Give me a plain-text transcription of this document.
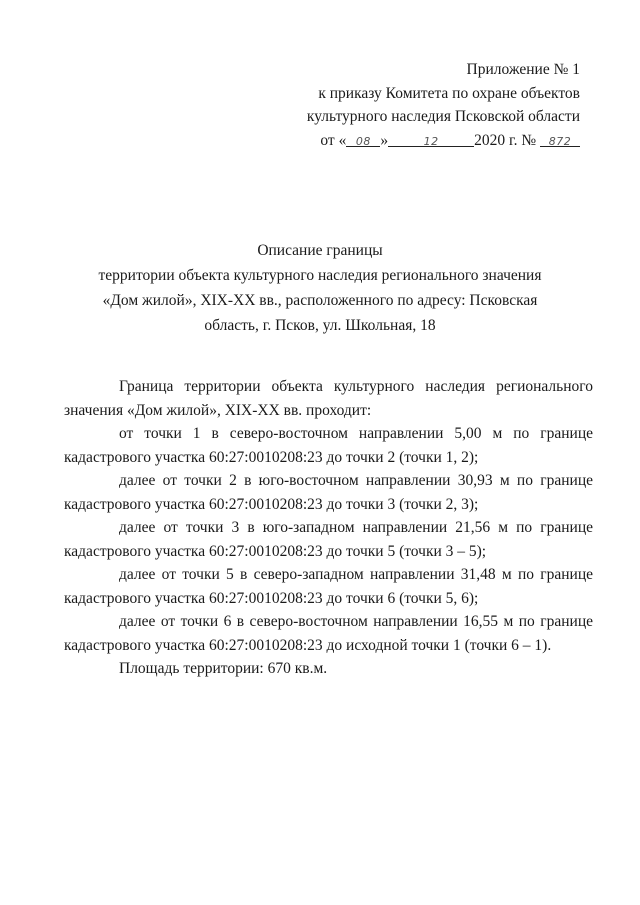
Приложение № 1
к приказу Комитета по охране объектов
культурного наследия Псковской области
от « 08 »	12 2020 г. № 872
Описание границы
территории объекта культурного наследия регионального значения
«Дом жилой», XIX-XX вв., расположенного по адресу: Псковская
область, г. Псков, ул. Школьная, 18

Граница территории объекта культурного наследия регионального значения «Дом жилой», XIX-XX вв. проходит:

от точки 1 в северо-восточном направлении 5,00 м по границе кадастрового участка 60:27:0010208:23 до точки 2 (точки 1, 2);

далее от точки 2 в юго-восточном направлении 30,93 м по границе кадастрового участка 60:27:0010208:23 до точки 3 (точки 2, 3);

далее от точки 3 в юго-западном направлении 21,56 м по границе кадастрового участка 60:27:0010208:23 до точки 5 (точки 3 – 5);

далее от точки 5 в северо-западном направлении 31,48 м по границе кадастрового участка 60:27:0010208:23 до точки 6 (точки 5, 6);

далее от точки 6 в северо-восточном направлении 16,55 м по границе кадастрового участка 60:27:0010208:23 до исходной точки 1 (точки 6 – 1).

Площадь территории: 670 кв.м.
